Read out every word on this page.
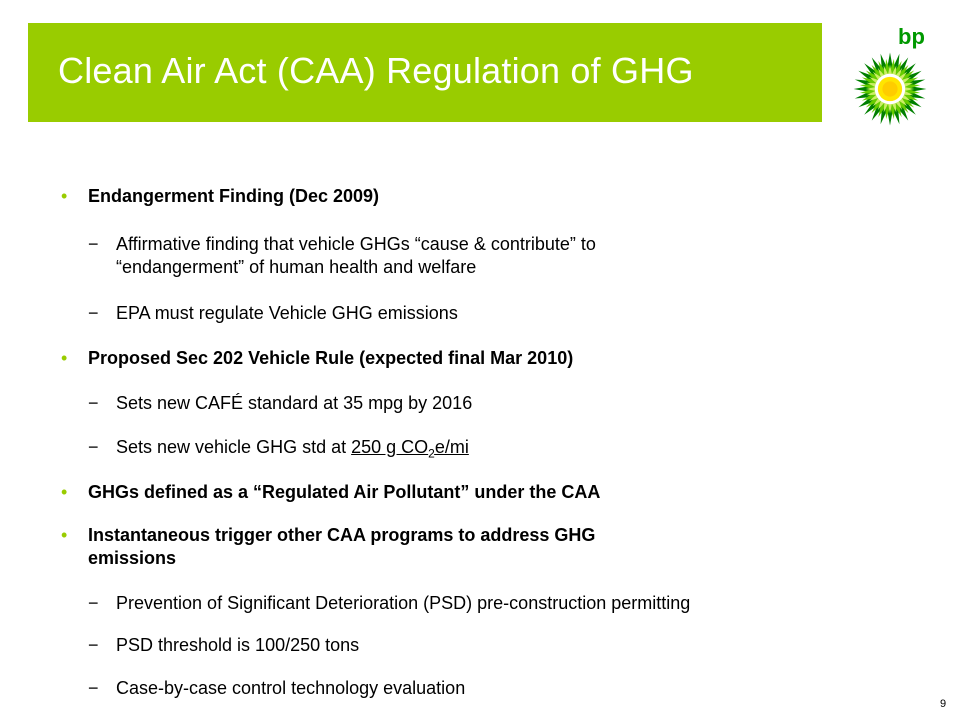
Clean Air Act (CAA) Regulation of GHG
bp
• Endangerment Finding (Dec 2009)
− Affirmative finding that vehicle GHGs “cause & contribute” to
“endangerment” of human health and welfare
− EPA must regulate Vehicle GHG emissions
• Proposed Sec 202 Vehicle Rule (expected final Mar 2010)
− Sets new CAFÉ standard at 35 mpg by 2016
− Sets new vehicle GHG std at 250 g $CO_2e/mi$
• GHGs defined as a “Regulated Air Pollutant” under the CAA
• Instantaneous trigger other CAA programs to address GHG
emissions
− Prevention of Significant Deterioration (PSD) pre-construction permitting
− PSD threshold is 100/250 tons
− Case-by-case control technology evaluation
9
